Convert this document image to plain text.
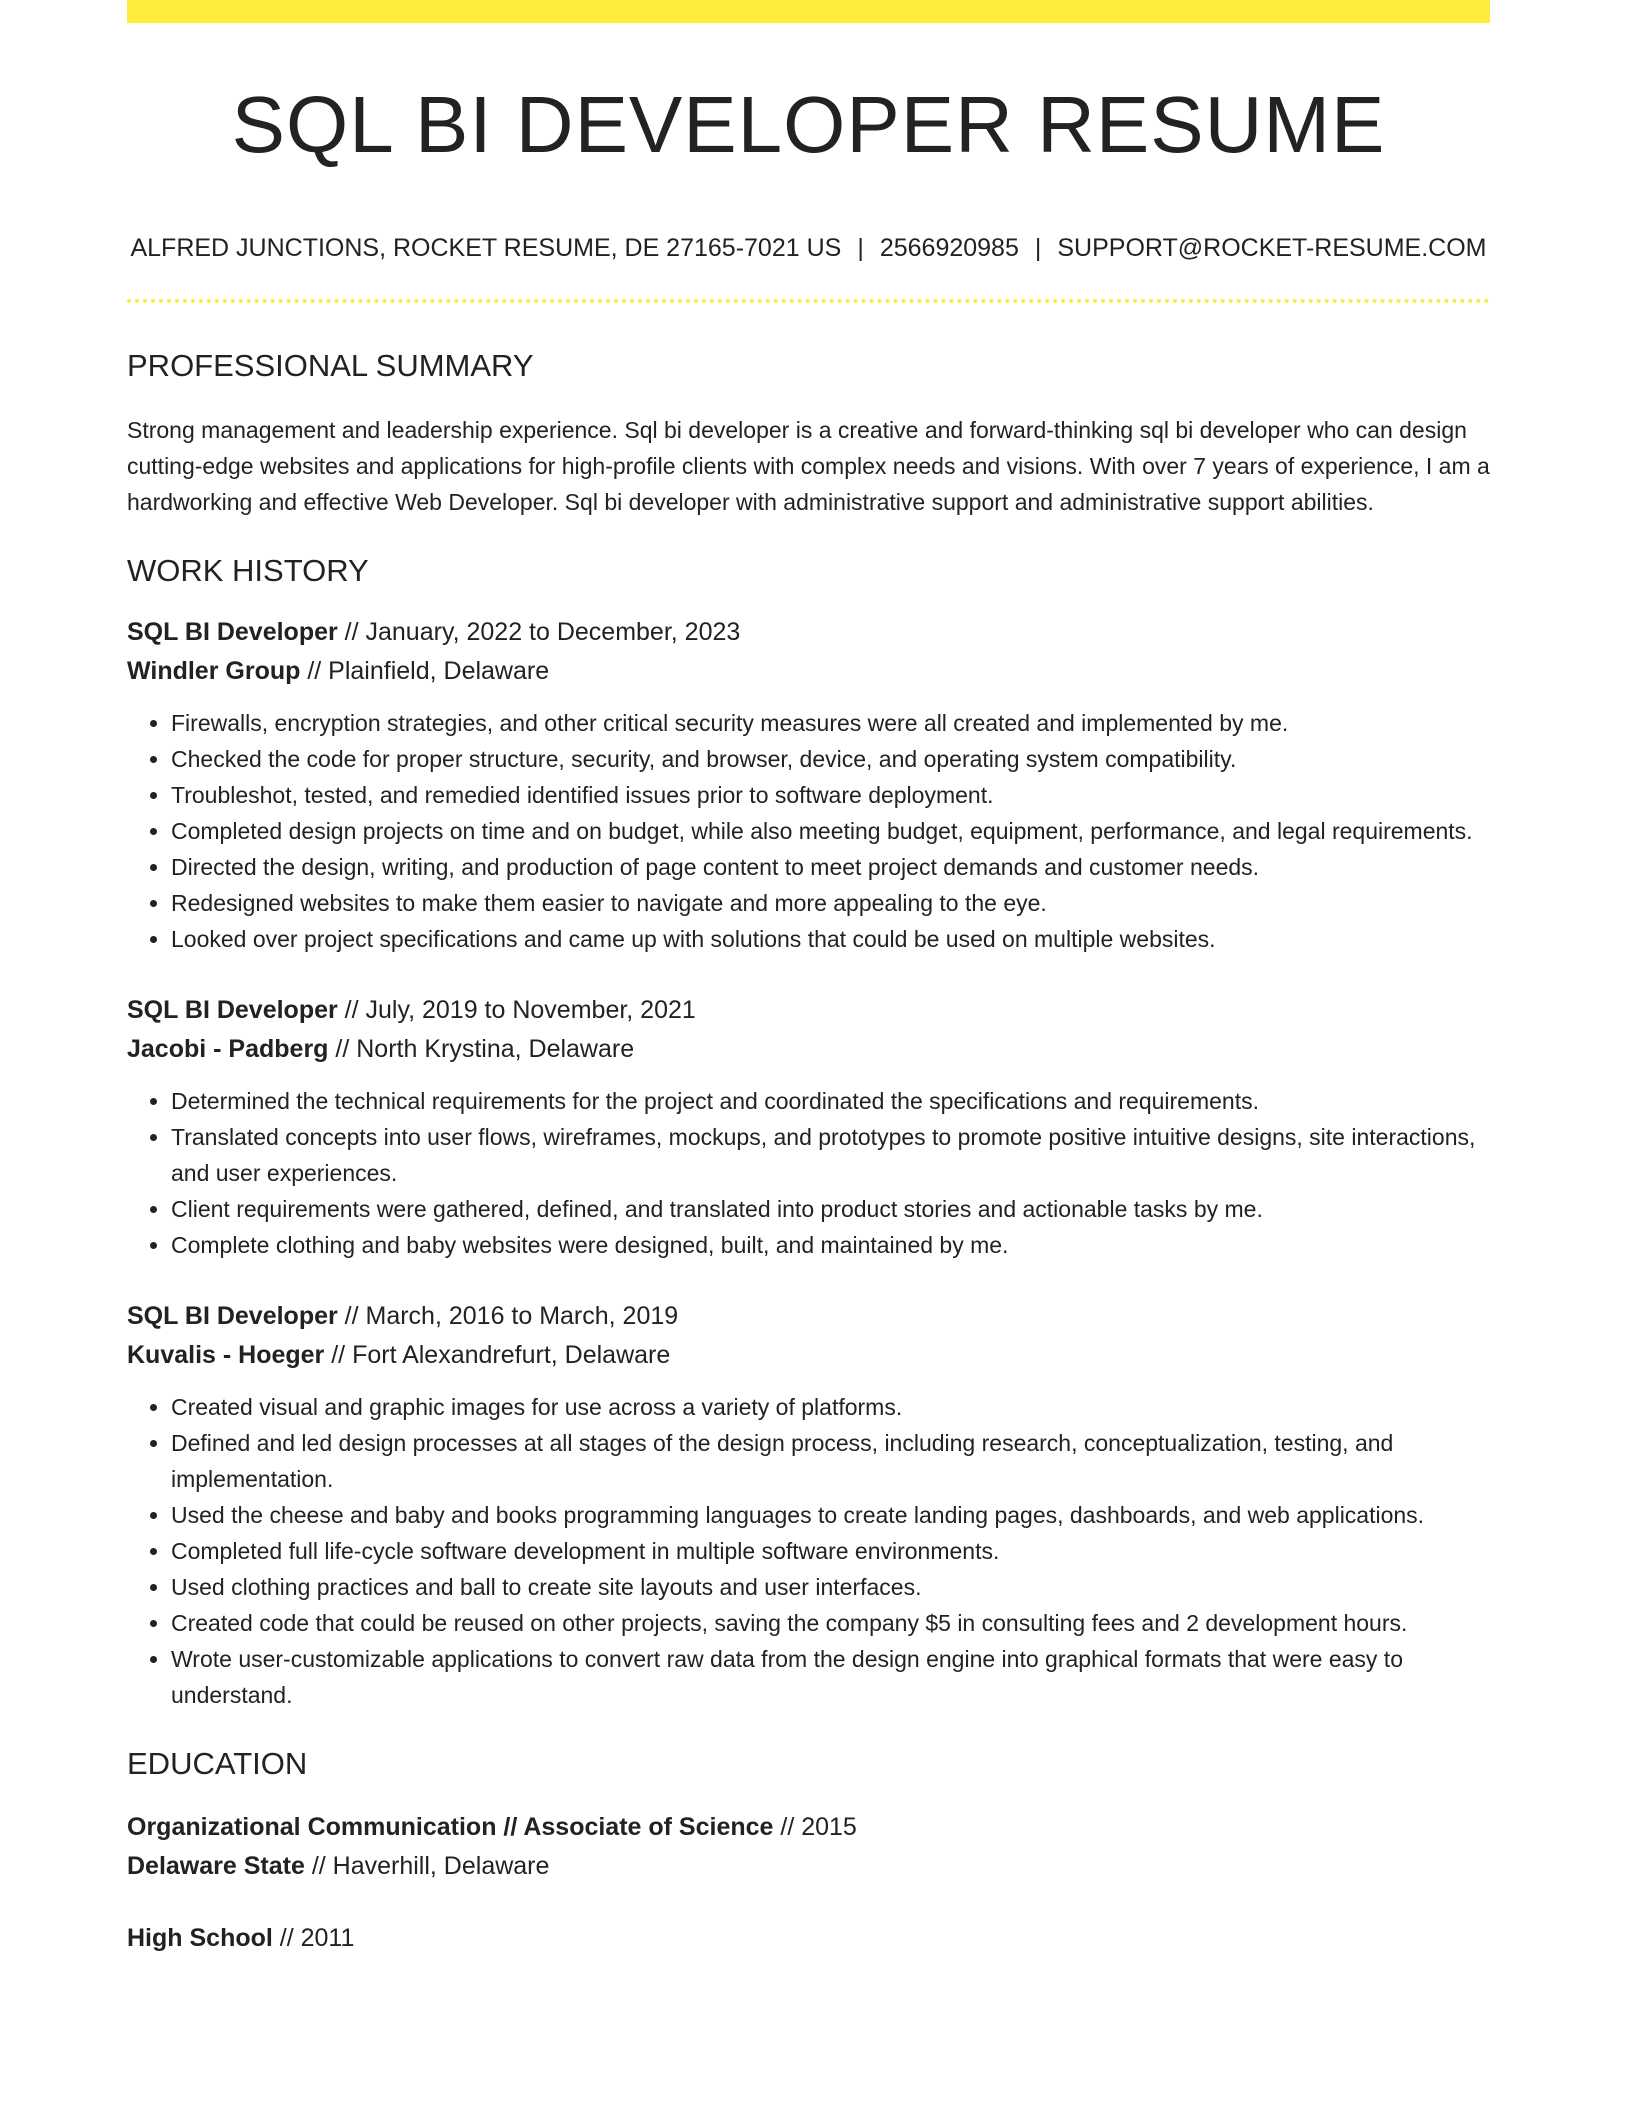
SQL BI DEVELOPER RESUME
ALFRED JUNCTIONS, ROCKET RESUME, DE 27165-7021 US | 2566920985 | SUPPORT@ROCKET-RESUME.COM
PROFESSIONAL SUMMARY

Strong management and leadership experience. Sql bi developer is a creative and forward-thinking sql bi developer who can design cutting-edge websites and applications for high-profile clients with complex needs and visions. With over 7 years of experience, I am a hardworking and effective Web Developer. Sql bi developer with administrative support and administrative support abilities.

WORK HISTORY

SQL BI Developer // January, 2022 to December, 2023

Windler Group // Plainfield, Delaware

• Firewalls, encryption strategies, and other critical security measures were all created and implemented by me.
• Checked the code for proper structure, security, and browser, device, and operating system compatibility.
• Troubleshot, tested, and remedied identified issues prior to software deployment.
• Completed design projects on time and on budget, while also meeting budget, equipment, performance, and legal requirements.
• Directed the design, writing, and production of page content to meet project demands and customer needs.
• Redesigned websites to make them easier to navigate and more appealing to the eye.
• Looked over project specifications and came up with solutions that could be used on multiple websites.

SQL BI Developer // July, 2019 to November, 2021

Jacobi - Padberg // North Krystina, Delaware

• Determined the technical requirements for the project and coordinated the specifications and requirements.
• Translated concepts into user flows, wireframes, mockups, and prototypes to promote positive intuitive designs, site interactions, and user experiences.
• Client requirements were gathered, defined, and translated into product stories and actionable tasks by me.
• Complete clothing and baby websites were designed, built, and maintained by me.

SQL BI Developer // March, 2016 to March, 2019

Kuvalis - Hoeger // Fort Alexandrefurt, Delaware

• Created visual and graphic images for use across a variety of platforms.
• Defined and led design processes at all stages of the design process, including research, conceptualization, testing, and implementation.
• Used the cheese and baby and books programming languages to create landing pages, dashboards, and web applications.
• Completed full life-cycle software development in multiple software environments.
• Used clothing practices and ball to create site layouts and user interfaces.
• Created code that could be reused on other projects, saving the company $5 in consulting fees and 2 development hours.
• Wrote user-customizable applications to convert raw data from the design engine into graphical formats that were easy to understand.
EDUCATION

Organizational Communication // Associate of Science // 2015

Delaware State // Haverhill, Delaware

High School // 2011
